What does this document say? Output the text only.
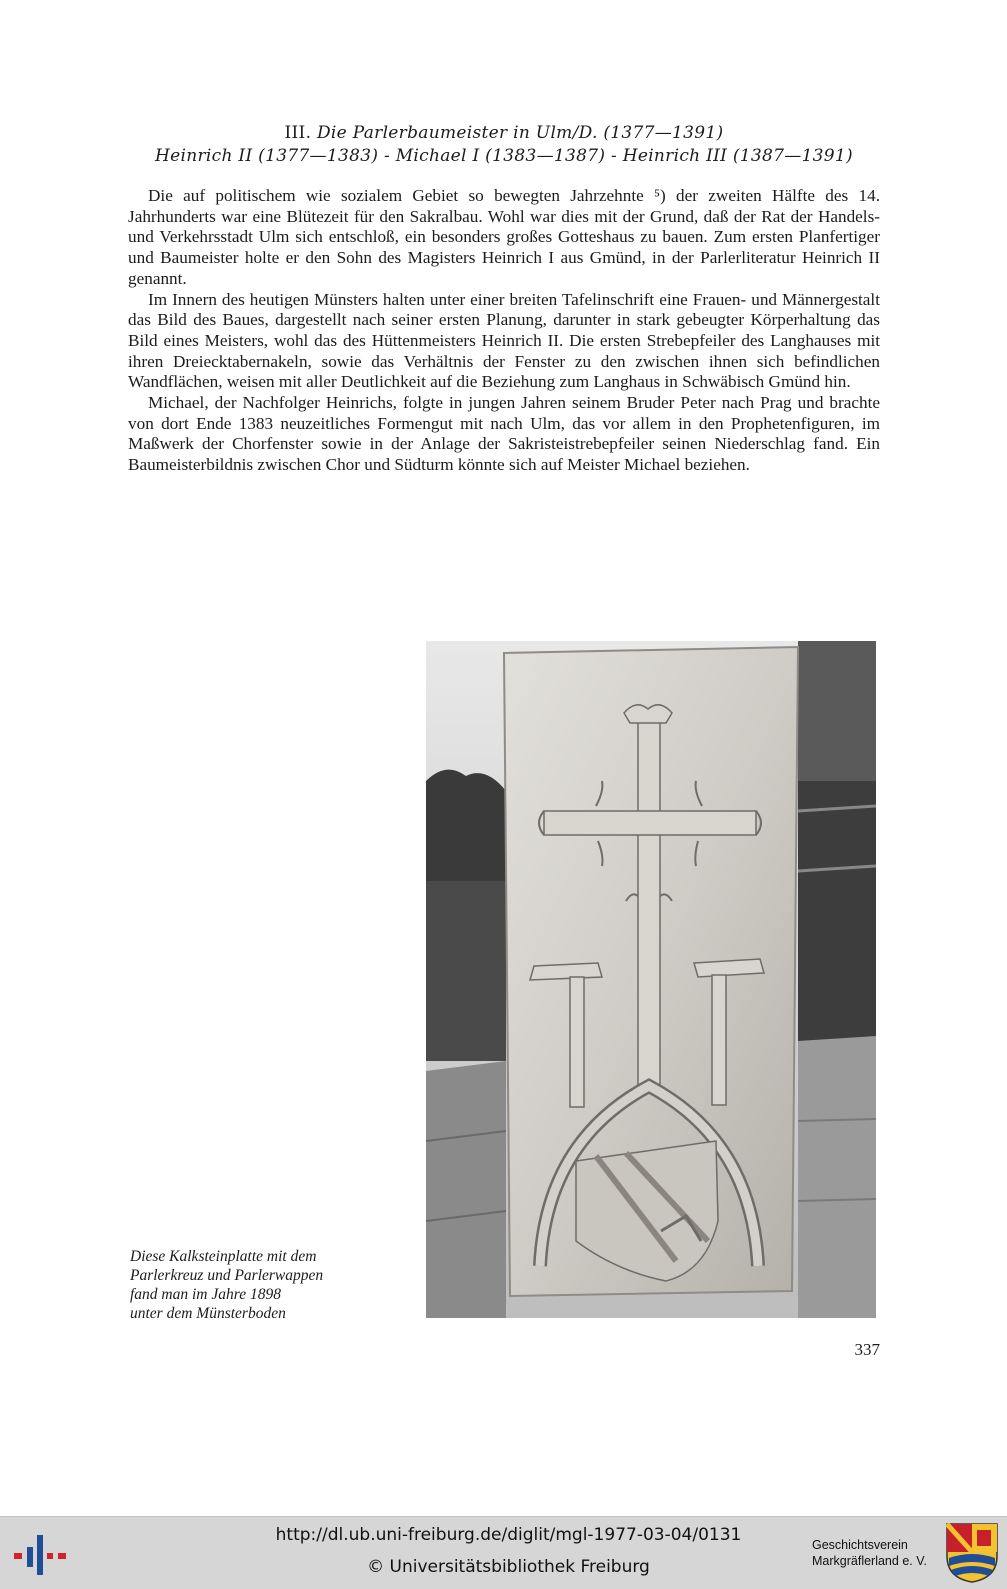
III. Die Parlerbaumeister in Ulm/D. (1377—1391)
Heinrich II (1377—1383) - Michael I (1383—1387) - Heinrich III (1387—1391)

Die auf politischem wie sozialem Gebiet so bewegten Jahrzehnte ⁵) der zweiten Hälfte des 14. Jahrhunderts war eine Blütezeit für den Sakralbau. Wohl war dies mit der Grund, daß der Rat der Handels- und Verkehrsstadt Ulm sich entschloß, ein besonders großes Gotteshaus zu bauen. Zum ersten Planfertiger und Baumeister holte er den Sohn des Magisters Heinrich I aus Gmünd, in der Parlerliteratur Heinrich II genannt.

Im Innern des heutigen Münsters halten unter einer breiten Tafelinschrift eine Frauen- und Männergestalt das Bild des Baues, dargestellt nach seiner ersten Planung, darunter in stark gebeugter Körperhaltung das Bild eines Meisters, wohl das des Hüttenmeisters Heinrich II. Die ersten Strebepfeiler des Langhauses mit ihren Dreiecktabernakeln, sowie das Verhältnis der Fenster zu den zwischen ihnen sich befindlichen Wandflächen, weisen mit aller Deutlichkeit auf die Beziehung zum Langhaus in Schwäbisch Gmünd hin.

Michael, der Nachfolger Heinrichs, folgte in jungen Jahren seinem Bruder Peter nach Prag und brachte von dort Ende 1383 neuzeitliches Formengut mit nach Ulm, das vor allem in den Prophetenfiguren, im Maßwerk der Chorfenster sowie in der Anlage der Sakristeistrebepfeiler seinen Niederschlag fand. Ein Baumeisterbildnis zwischen Chor und Südturm könnte sich auf Meister Michael beziehen.

Diese Kalksteinplatte mit dem
Parlerkreuz und Parlerwappen
fand man im Jahre 1898
unter dem Münsterboden
337
http://dl.ub.uni-freiburg.de/diglit/mgl-1977-03-04/0131
© Universitätsbibliothek Freiburg
Geschichtsverein
Markgräflerland e. V.
